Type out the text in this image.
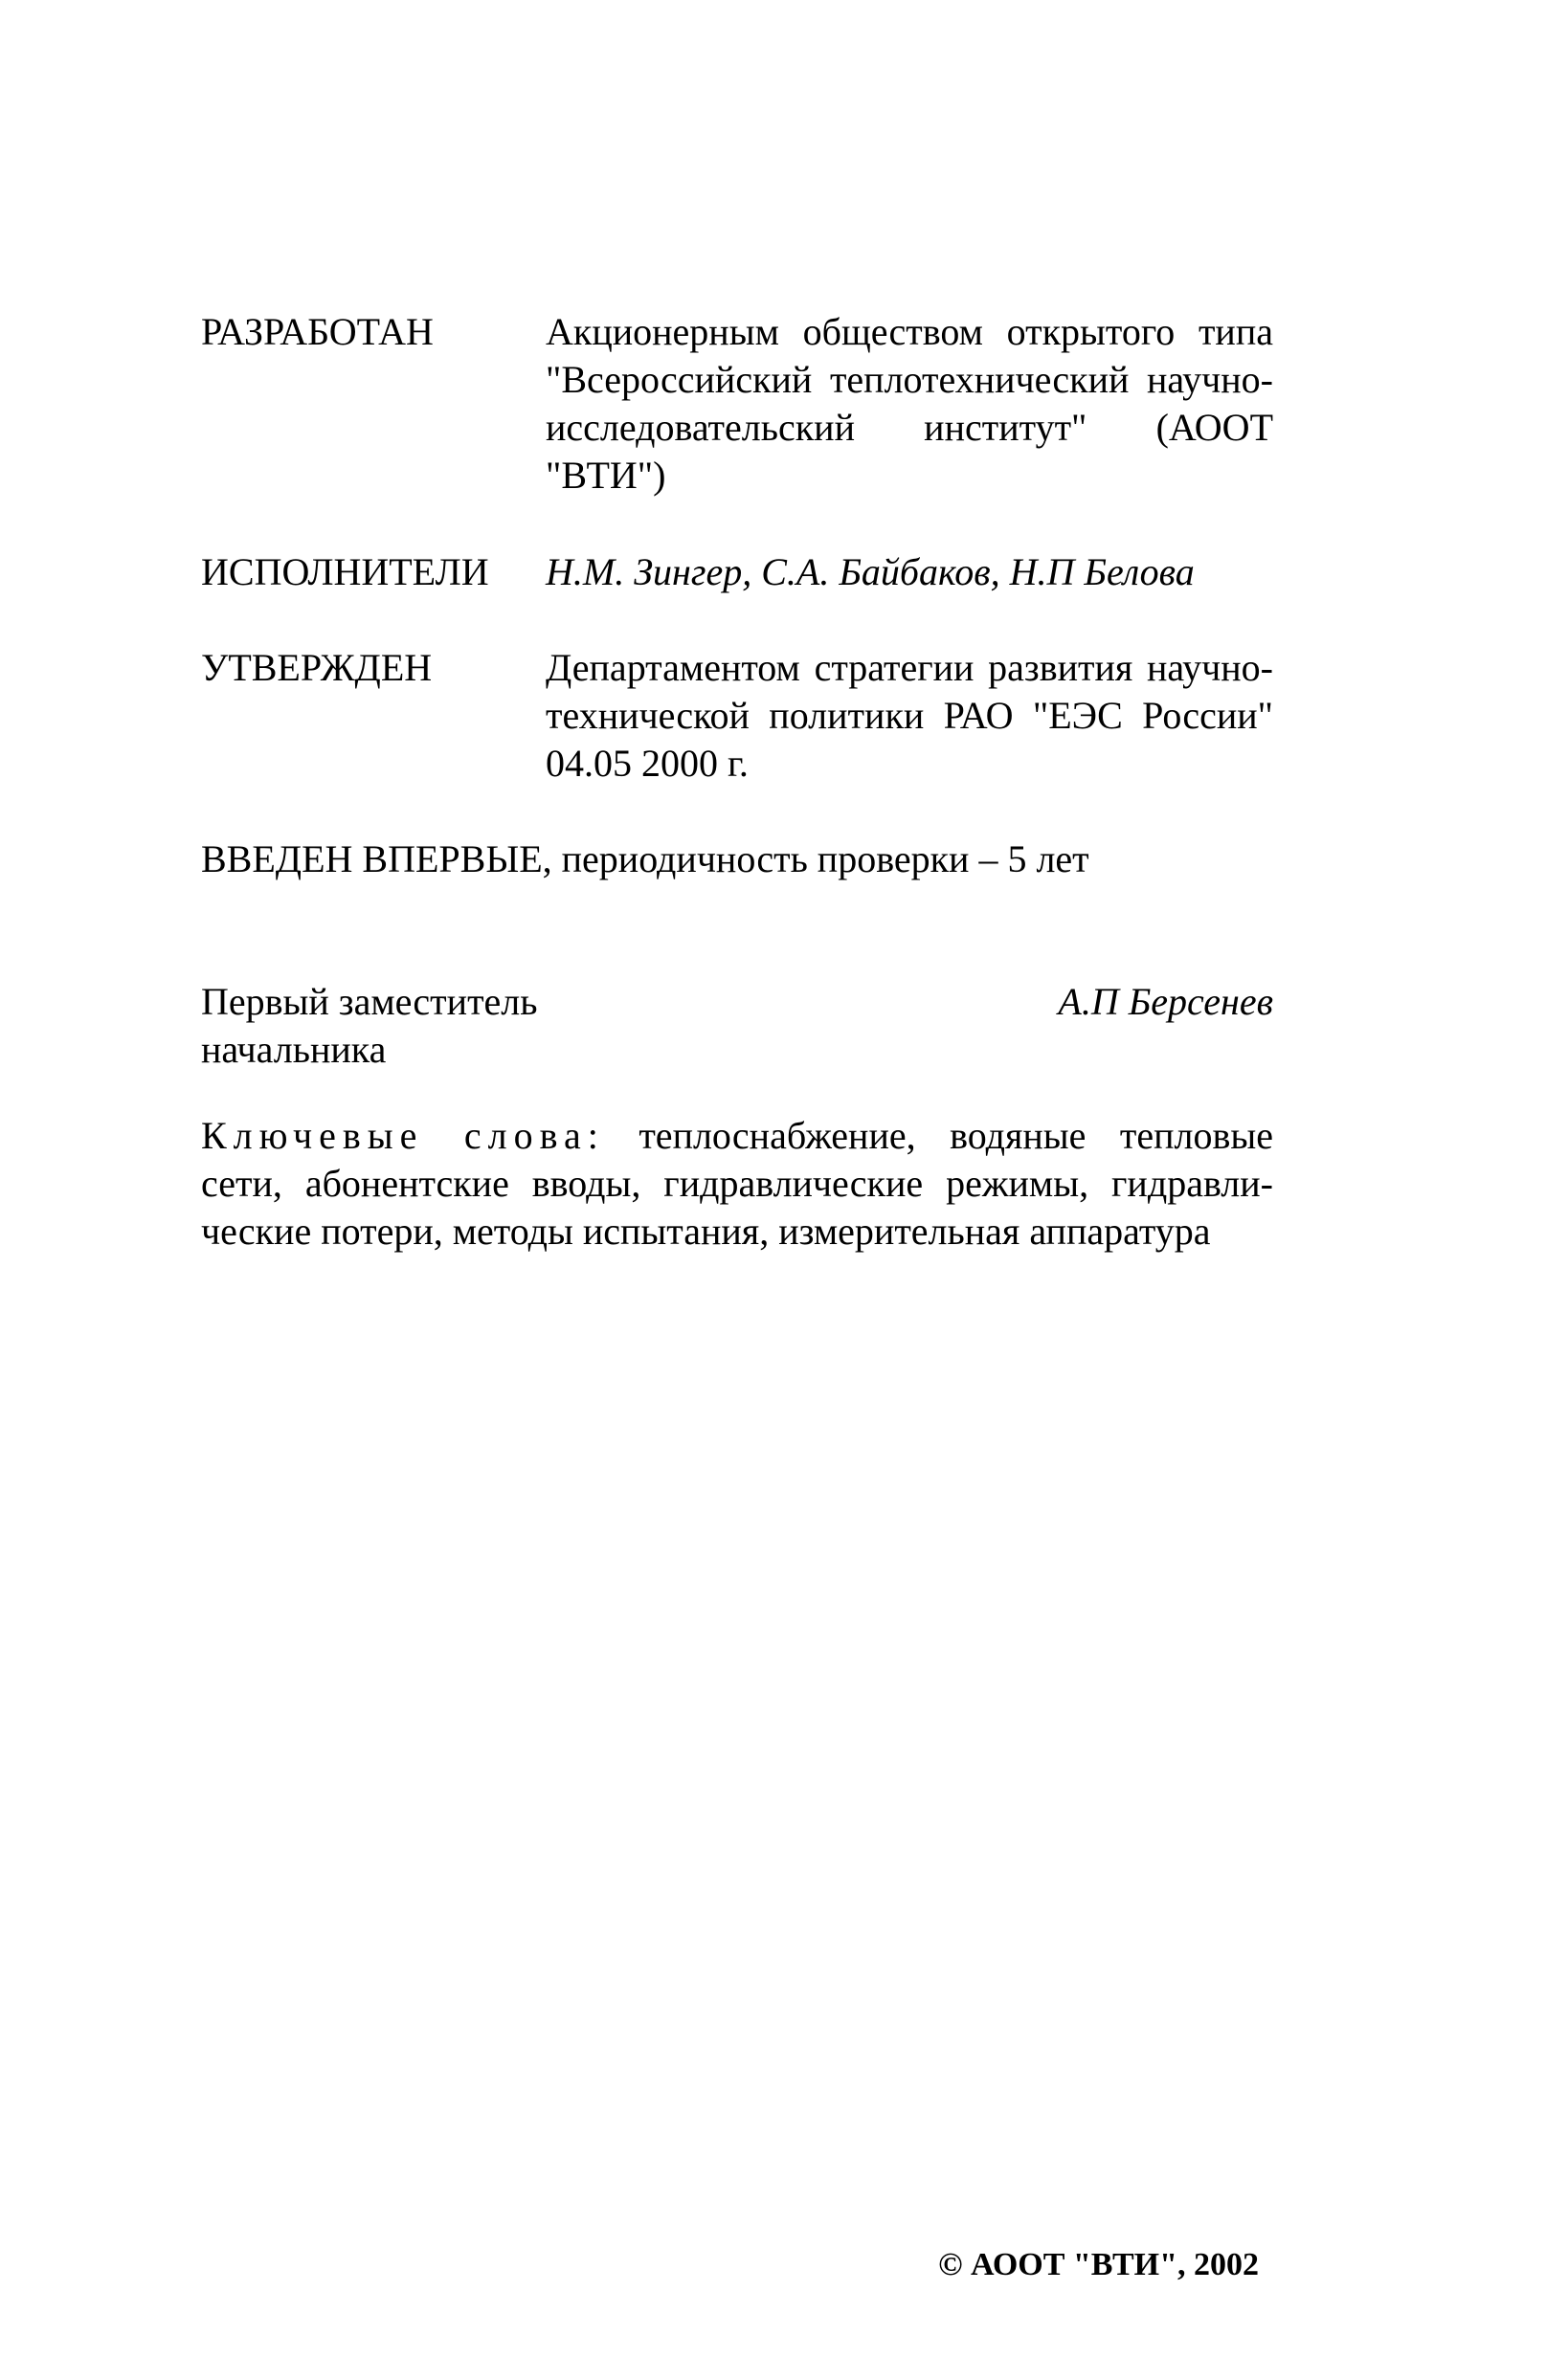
РАЗРАБОТАН	Акционерным обществом открытого типа
"Всероссийский теплотехнический научно-
исследовательский институт" (АООТ
"ВТИ")
ИСПОЛНИТЕЛИ Н.М. Зингер, С.А. Байбаков, Н.П Белова
УТВЕРЖДЕН	Департаментом стратегии развития научно-
технической политики РАО "ЕЭС России"
04.05 2000 г.
ВВЕДЕН ВПЕРВЫЕ, периодичность проверки – 5 лет
Первый заместитель
начальника
А.П Берсенев
Ключевые слова: теплоснабжение, водяные тепловые
сети, абонентские вводы, гидравлические режимы, гидравли-
ческие потери, методы испытания, измерительная аппаратура
© АООТ "ВТИ", 2002
